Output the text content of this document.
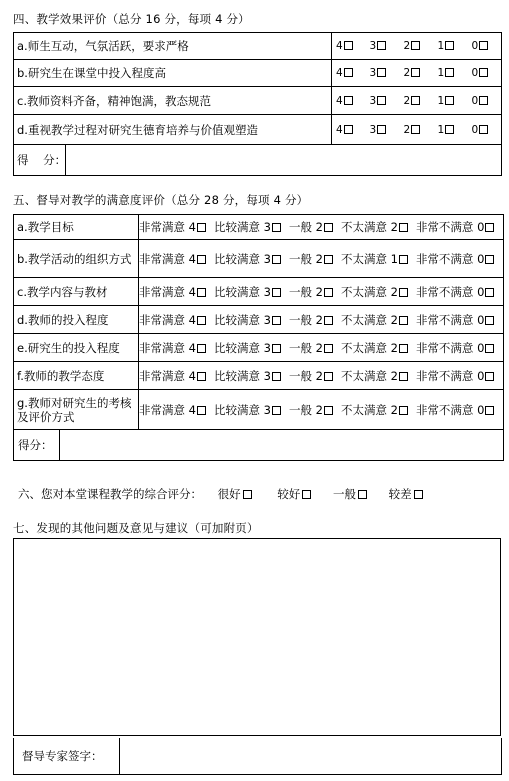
四、教学效果评价（总分 16 分，每项 4 分）
a.师生互动，气氛活跃，要求严格	4	3	2	1	0
b.研究生在课堂中投入程度高	4	3	2	1	0
c.教师资料齐备，精神饱满，教态规范	4	3	2	1	0
d.重视教学过程对研究生德育培养与价值观塑造	4	3	2	1	0
得    分：					
五、督导对教学的满意度评价（总分 28 分，每项 4 分）
a.教学目标	非常满意 4 比较满意 3 一般 2 不太满意 2 非常不满意 0
b.教学活动的组织方式	非常满意 4 比较满意 3 一般 2 不太满意 1 非常不满意 0
c.教学内容与教材	非常满意 4 比较满意 3 一般 2 不太满意 2 非常不满意 0
d.教师的投入程度	非常满意 4 比较满意 3 一般 2 不太满意 2 非常不满意 0
e.研究生的投入程度	非常满意 4 比较满意 3 一般 2 不太满意 2 非常不满意 0
f.教师的教学态度	非常满意 4 比较满意 3 一般 2 不太满意 2 非常不满意 0
g.教师对研究生的考核及评价方式	非常满意 4 比较满意 3 一般 2 不太满意 2 非常不满意 0
得分：	
六、您对本堂课程教学的综合评分： 很好	较好	一般	较差
七、发现的其他问题及意见与建议（可加附页）
督导专家签字：	
